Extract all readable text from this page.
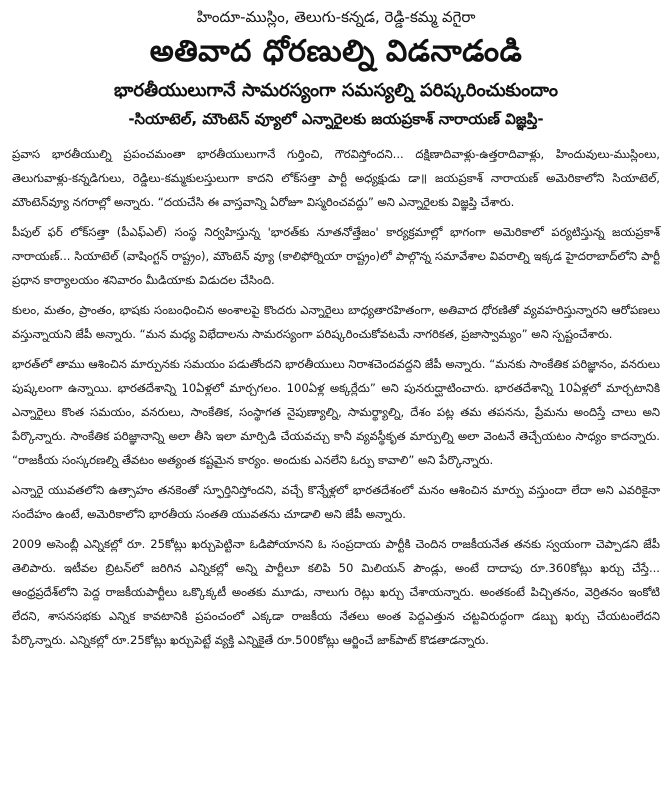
హిందూ-ముస్లిం, తెలుగు-కన్నడ, రెడ్డి-కమ్మ వగైరా
అతివాద ధోరణుల్ని విడనాడండి
భారతీయులుగానే సామరస్యంగా సమస్యల్ని పరిష్కరించుకుందాం
-సియాటెల్, మౌంటెన్ వ్యూలో ఎన్నారైలకు జయప్రకాశ్ నారాయణ్ విజ్ఞప్తి-

ప్రవాస భారతీయుల్ని ప్రపంచమంతా భారతీయులుగానే గుర్తించి, గౌరవిస్తోందని... దక్షిణాదివాళ్లు-ఉత్తరాదివాళ్లు, హిందువులు-ముస్లింలు, తెలుగువాళ్లు-కన్నడిగులు, రెడ్డిలు-కమ్మకులస్తులుగా కాదని లోక్‌సత్తా పార్టీ అధ్యక్షుడు డా॥ జయప్రకాశ్ నారాయణ్ అమెరికాలోని సియాటెల్, మౌంటెన్‌వ్యూ నగరాల్లో అన్నారు. “దయచేసి ఈ వాస్తవాన్ని ఏరోజూ విస్మరించవద్దు” అని ఎన్నారైలకు విజ్ఞప్తి చేశారు.

పీపుల్ ఫర్ లోక్‌సత్తా (పీఎఫ్ఎల్) సంస్థ నిర్వహిస్తున్న 'భారత్‌కు నూతనోత్తేజం' కార్యక్రమాల్లో భాగంగా అమెరికాలో పర్యటిస్తున్న జయప్రకాశ్ నారాయణ్... సియాటెల్ (వాషింగ్టన్ రాష్ట్రం), మౌంటెన్ వ్యూ (కాలిఫోర్నియా రాష్ట్రం)లో పాల్గొన్న సమావేశాల వివరాల్ని ఇక్కడ హైదరాబాద్‌లోని పార్టీ ప్రధాన కార్యాలయం శనివారం మీడియాకు విడుదల చేసింది.

కులం, మతం, ప్రాంతం, భాషకు సంబంధించిన అంశాలపై కొందరు ఎన్నారైలు బాధ్యతారహితంగా, అతివాద ధోరణితో వ్యవహరిస్తున్నారని ఆరోపణలు వస్తున్నాయని జేపీ అన్నారు. “మన మధ్య విభేదాలను సామరస్యంగా పరిష్కరించుకోవటమే నాగరికత, ప్రజాస్వామ్యం” అని స్పష్టంచేశారు.

భారత్‌లో తాము ఆశించిన మార్పునకు సమయం పడుతోందని భారతీయులు నిరాశచెందవద్దని జేపీ అన్నారు. “మనకు సాంకేతిక పరిజ్ఞానం, వనరులు పుష్కలంగా ఉన్నాయి. భారతదేశాన్ని 10ఏళ్లలో మార్చగలం. 100ఏళ్ల అక్కర్లేదు” అని పునరుద్ఘాటించారు. భారతదేశాన్ని 10ఏళ్లలో మార్చటానికి ఎన్నారైలు కొంత సమయం, వనరులు, సాంకేతిక, సంస్థాగత నైపుణ్యాల్ని, సామర్థ్యాల్ని, దేశం పట్ల తమ తపనను, ప్రేమను అందిస్తే చాలు అని పేర్కొన్నారు. సాంకేతిక పరిజ్ఞానాన్ని అలా తీసి ఇలా మార్పిడి చేయవచ్చు కానీ వ్యవస్థీకృత మార్పుల్ని అలా వెంటనే తెచ్చేయటం సాధ్యం కాదన్నారు. “రాజకీయ సంస్కరణల్ని తేవటం అత్యంత కష్టమైన కార్యం. అందుకు ఎనలేని ఓర్పు కావాలి” అని పేర్కొన్నారు.

ఎన్నారై యువతలోని ఉత్సాహం తనకెంతో స్ఫూర్తినిస్తోందని, వచ్చే కొన్నేళ్లలో భారతదేశంలో మనం ఆశించిన మార్పు వస్తుందా లేదా అని ఎవరికైనా సందేహం ఉంటే, అమెరికాలోని భారతీయ సంతతి యువతను చూడాలి అని జేపీ అన్నారు.

2009 అసెంబ్లీ ఎన్నికల్లో రూ. 25కోట్లు ఖర్చుపెట్టినా ఓడిపోయానని ఓ సంప్రదాయ పార్టీకి చెందిన రాజకీయనేత తనకు స్వయంగా చెప్పాడని జేపీ తెలిపారు. ఇటీవల బ్రిటన్‌లో జరిగిన ఎన్నికల్లో అన్ని పార్టీలూ కలిపి 50 మిలియన్ పౌండ్లు, అంటే దాదాపు రూ.360కోట్లు ఖర్చు చేస్తే... ఆంధ్రప్రదేశ్‌లోని పెద్ద రాజకీయపార్టీలు ఒక్కొక్కటీ అంతకు మూడు, నాలుగు రెట్లు ఖర్చు చేశాయన్నారు. అంతకంటే పిచ్చితనం, వెర్రితనం ఇంకోటి లేదని, శాసనసభకు ఎన్నిక కావటానికి ప్రపంచంలో ఎక్కడా రాజకీయ నేతలు అంత పెద్దఎత్తున చట్టవిరుద్ధంగా డబ్బు ఖర్చు చేయటంలేదని పేర్కొన్నారు. ఎన్నికల్లో రూ.25కోట్లు ఖర్చుపెట్టే వ్యక్తి ఎన్నికైతే రూ.500కోట్లు ఆర్జించే జాక్‌పాట్ కొడతాడన్నారు.
